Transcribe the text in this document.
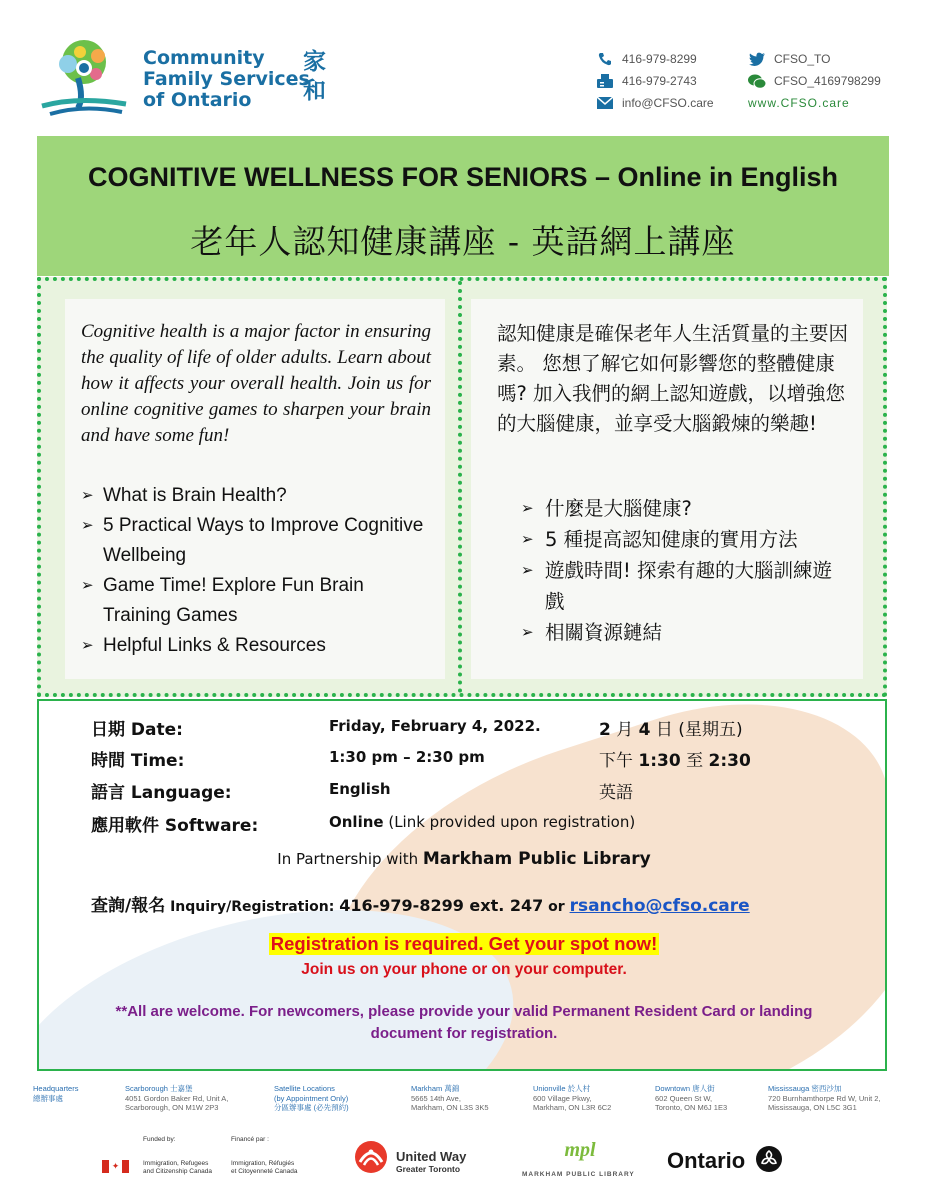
Community
Family Services
of Ontario
家
和
416-979-8299
416-979-2743
info@CFSO.care
CFSO_TO
CFSO_4169798299
www.CFSO.care
COGNITIVE WELLNESS FOR SENIORS – Online in English
老年人認知健康講座 - 英語網上講座

Cognitive health is a major factor in ensuring the quality of life of older adults. Learn about how it affects your overall health. Join us for online cognitive games to sharpen your brain and have some fun!

➢ What is Brain Health?
➢ 5 Practical Ways to Improve Cognitive Wellbeing
➢ Game Time! Explore Fun Brain Training Games
➢ Helpful Links & Resources

認知健康是確保老年人生活質量的主要因素。 您想了解它如何影響您的整體健康嗎? 加入我們的網上認知遊戲，以增強您的大腦健康，並享受大腦鍛煉的樂趣!

➢ 什麼是大腦健康?
➢ 5 種提高認知健康的實用方法
➢ 遊戲時間! 探索有趣的大腦訓練遊戲
➢ 相關資源鏈結
日期 Date:	Friday, February 4, 2022.	2 月 4 日 (星期五)
時間 Time:	1:30 pm – 2:30 pm	下午 1:30 至 2:30
語言 Language:	English	英語
應用軟件 Software:	Online (Link provided upon registration)
In Partnership with Markham Public Library
查詢/報名 Inquiry/Registration: 416-979-8299 ext. 247 or rsancho@cfso.care
Registration is required. Get your spot now!
Join us on your phone or on your computer.
**All are welcome. For newcomers, please provide your valid Permanent Resident Card or landing document for registration.
Headquarters
總辦事處
Scarborough 士嘉堡
4051 Gordon Baker Rd, Unit A,
Scarborough, ON M1W 2P3
Satellite Locations
(by Appointment Only)
分區辦事處 (必先預約)
Markham 萬錦
5665 14th Ave,
Markham, ON L3S 3K5
Unionville 於人村
600 Village Pkwy,
Markham, ON L3R 6C2
Downtown 唐人街
602 Queen St W,
Toronto, ON M6J 1E3
Mississauga 密西沙加
720 Burnhamthorpe Rd W, Unit 2,
Mississauga, ON L5C 3G1
Funded by:	Financé par :
✦	Immigration, Refugees
and Citizenship Canada
Immigration, Réfugiés
et Citoyenneté Canada
United Way
Greater Toronto
mpl
MARKHAM PUBLIC LIBRARY
Ontario
